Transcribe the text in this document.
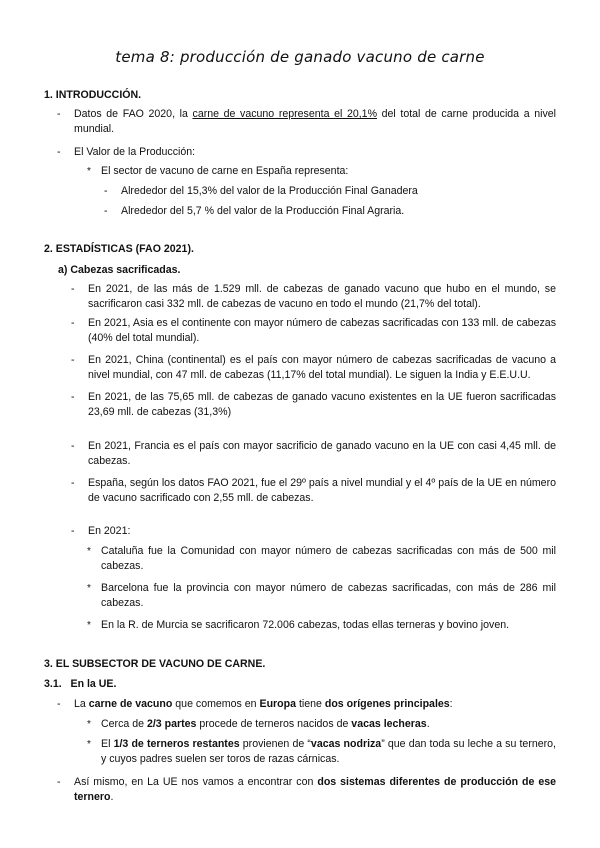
tema 8: producción de ganado vacuno de carne
1. INTRODUCCIÓN.
- Datos de FAO 2020, la carne de vacuno representa el 20,1% del total de carne producida a nivel mundial.
- El Valor de la Producción:
* El sector de vacuno de carne en España representa:
- Alrededor del 15,3% del valor de la Producción Final Ganadera
- Alrededor del 5,7 % del valor de la Producción Final Agraria.
2. ESTADÍSTICAS (FAO 2021).
a) Cabezas sacrificadas.
- En 2021, de las más de 1.529 mll. de cabezas de ganado vacuno que hubo en el mundo, se sacrificaron casi 332 mll. de cabezas de vacuno en todo el mundo (21,7% del total).
- En 2021, Asia es el continente con mayor número de cabezas sacrificadas con 133 mll. de cabezas (40% del total mundial).
- En 2021, China (continental) es el país con mayor número de cabezas sacrificadas de vacuno a nivel mundial, con 47 mll. de cabezas (11,17% del total mundial). Le siguen la India y E.E.U.U.
- En 2021, de las 75,65 mll. de cabezas de ganado vacuno existentes en la UE fueron sacrificadas 23,69 mll. de cabezas (31,3%)
- En 2021, Francia es el país con mayor sacrificio de ganado vacuno en la UE con casi 4,45 mll. de cabezas.
- España, según los datos FAO 2021, fue el 29º país a nivel mundial y el 4º país de la UE en número de vacuno sacrificado con 2,55 mll. de cabezas.
- En 2021:
* Cataluña fue la Comunidad con mayor número de cabezas sacrificadas con más de 500 mil cabezas.
* Barcelona fue la provincia con mayor número de cabezas sacrificadas, con más de 286 mil cabezas.
* En la R. de Murcia se sacrificaron 72.006 cabezas, todas ellas terneras y bovino joven.
3. EL SUBSECTOR DE VACUNO DE CARNE.
3.1.   En la UE.
- La carne de vacuno que comemos en Europa tiene dos orígenes principales:
* Cerca de 2/3 partes procede de terneros nacidos de vacas lecheras.
* El 1/3 de terneros restantes provienen de “vacas nodriza” que dan toda su leche a su ternero, y cuyos padres suelen ser toros de razas cárnicas.
- Así mismo, en La UE nos vamos a encontrar con dos sistemas diferentes de producción de ese ternero.
